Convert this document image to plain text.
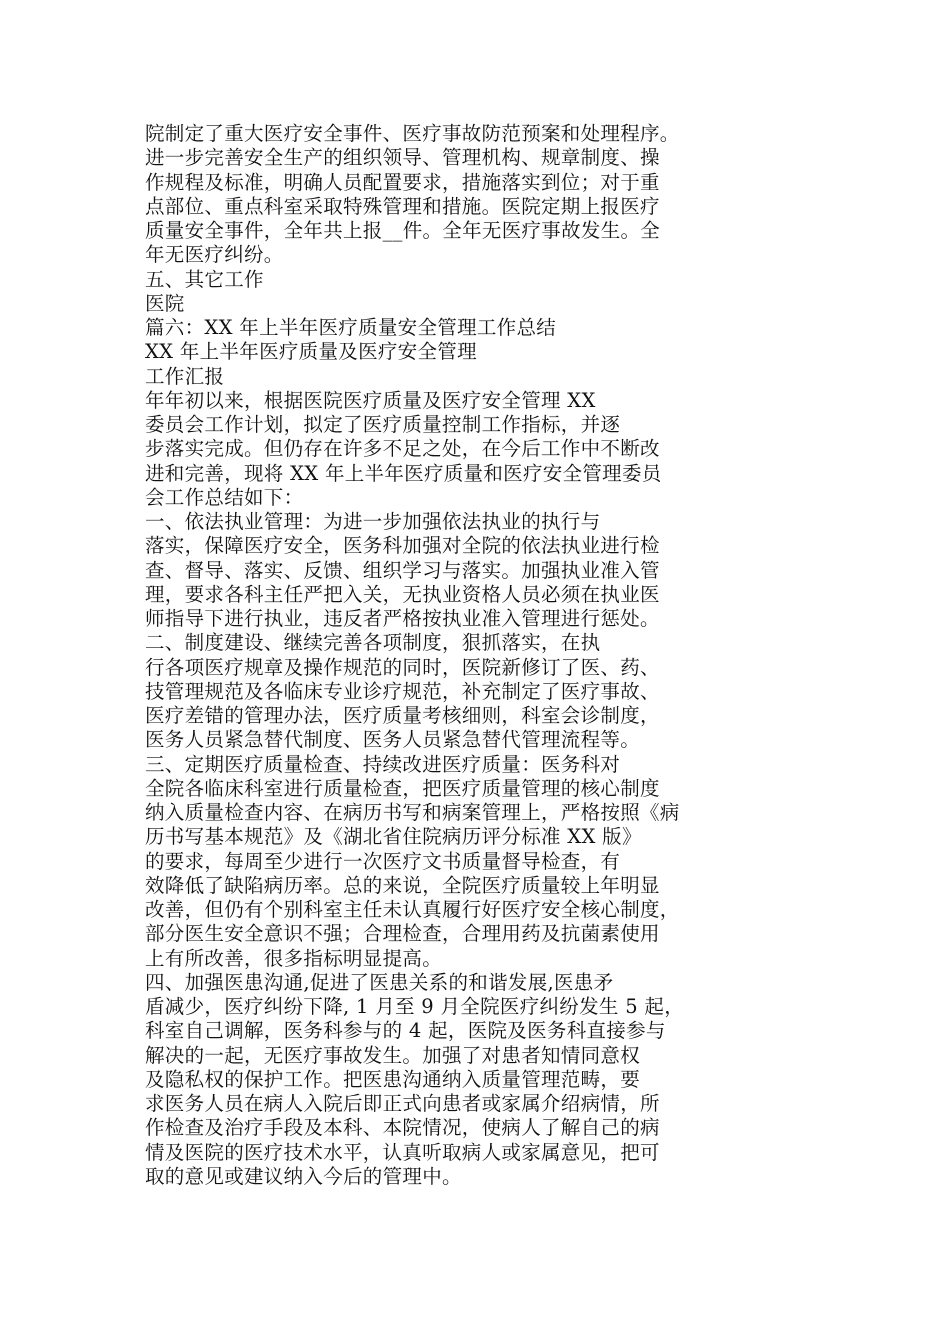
院制定了重大医疗安全事件、医疗事故防范预案和处理程序。
进一步完善安全生产的组织领导、管理机构、规章制度、操
作规程及标准，明确人员配置要求，措施落实到位；对于重
点部位、重点科室采取特殊管理和措施。医院定期上报医疗
质量安全事件，全年共上报__件。全年无医疗事故发生。全
年无医疗纠纷。
五、其它工作
医院
篇六：XX 年上半年医疗质量安全管理工作总结
XX 年上半年医疗质量及医疗安全管理
工作汇报
年年初以来，根据医院医疗质量及医疗安全管理 XX
委员会工作计划，拟定了医疗质量控制工作指标，并逐
步落实完成。但仍存在许多不足之处，在今后工作中不断改
进和完善，现将 XX 年上半年医疗质量和医疗安全管理委员
会工作总结如下：
一、依法执业管理：为进一步加强依法执业的执行与
落实，保障医疗安全，医务科加强对全院的依法执业进行检
查、督导、落实、反馈、组织学习与落实。加强执业准入管
理，要求各科主任严把入关，无执业资格人员必须在执业医
师指导下进行执业，违反者严格按执业准入管理进行惩处。
二、制度建设、继续完善各项制度，狠抓落实，在执
行各项医疗规章及操作规范的同时，医院新修订了医、药、
技管理规范及各临床专业诊疗规范，补充制定了医疗事故、
医疗差错的管理办法，医疗质量考核细则，科室会诊制度，
医务人员紧急替代制度、医务人员紧急替代管理流程等。
三、定期医疗质量检查、持续改进医疗质量：医务科对
全院各临床科室进行质量检查，把医疗质量管理的核心制度
纳入质量检查内容、在病历书写和病案管理上，严格按照《病
历书写基本规范》及《湖北省住院病历评分标准 XX 版》
的要求，每周至少进行一次医疗文书质量督导检查，有
效降低了缺陷病历率。总的来说，全院医疗质量较上年明显
改善，但仍有个别科室主任未认真履行好医疗安全核心制度，
部分医生安全意识不强；合理检查，合理用药及抗菌素使用
上有所改善，很多指标明显提高。
四、加强医患沟通,促进了医患关系的和谐发展,医患矛
盾减少，医疗纠纷下降, 1 月至 9 月全院医疗纠纷发生 5 起，
科室自己调解，医务科参与的 4 起，医院及医务科直接参与
解决的一起，无医疗事故发生。加强了对患者知情同意权
及隐私权的保护工作。把医患沟通纳入质量管理范畴，要
求医务人员在病人入院后即正式向患者或家属介绍病情，所
作检查及治疗手段及本科、本院情况，使病人了解自己的病
情及医院的医疗技术水平，认真听取病人或家属意见，把可
取的意见或建议纳入今后的管理中。
